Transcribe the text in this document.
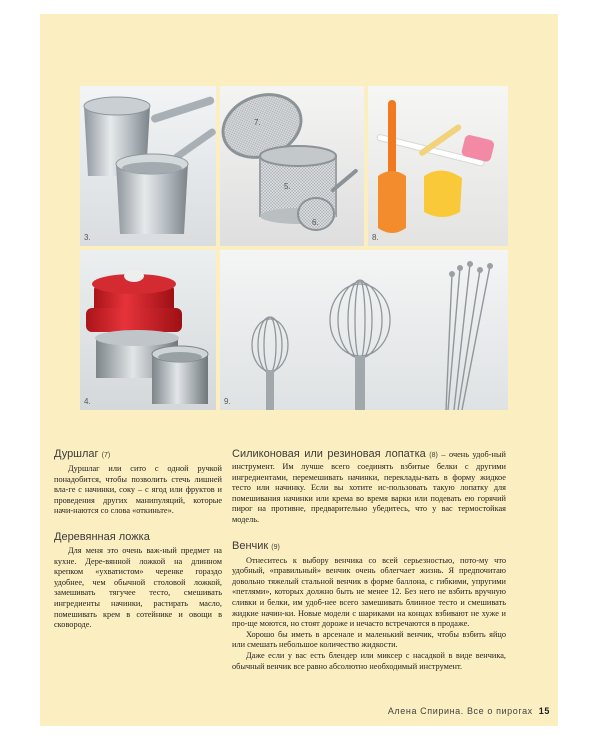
3.
7.
5.
6.
8.
4.	9.
Дуршлаг (7)

Дуршлаг или сито с одной ручкой понадобится, чтобы позволить стечь лишней вла-ге с начинки, соку – с ягод или фруктов и проведения других манипуляций, которые начи-наются со слова «откиньте».

Деревянная ложка

Для меня это очень важ-ный предмет на кухне. Дере-вянной ложкой на длинном крепком «ухватистом» черенке гораздо удобнее, чем обычной столовой ложкой, замешивать тягучее тесто, смешивать ингредиенты начинки, растирать масло, помешивать крем в сотейнике и овощи в сковороде.

Силиконовая или резиновая лопатка (8) – очень удоб-ный инструмент. Им лучше всего соединять взбитые белки с другими ингредиентами, перемешивать начинки, переклады-вать в форму жидкое тесто или начинку. Если вы хотите ис-пользовать такую лопатку для помешивания начинки или крема во время варки или подевать ею горячий пирог на противне, предварительно убедитесь, что у вас термостойкая модель.

Венчик (9)

Отнеситесь к выбору венчика со всей серьезностью, пото-му что удобный, «правильный» венчик очень облегчает жизнь. Я предпочитаю довольно тяжелый стальной венчик в форме баллона, с гибкими, упругими «петлями», которых должно быть не менее 12. Без него не взбить вручную сливки и белки, им удоб-нее всего замешивать блинное тесто и смешивать жидкие начин-ки. Новые модели с шариками на концах взбивают не хуже и про-ще моются, но стоят дороже и нечасто встречаются в продаже.

Хорошо бы иметь в арсенале и маленький венчик, чтобы взбить яйцо или смешать небольшое количество жидкости.

Даже если у вас есть блендер или миксер с насадкой в виде венчика, обычный венчик все равно абсолютно необходимый инструмент.

Алена Спирина. Все о пирогах 15
